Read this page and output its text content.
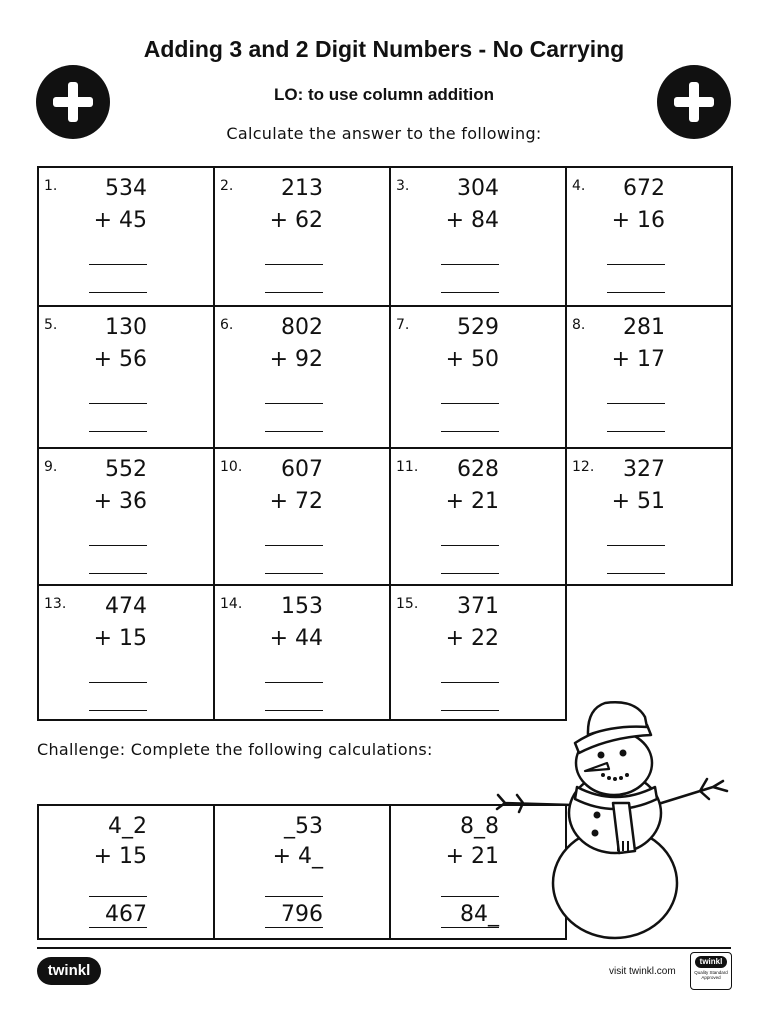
Adding 3 and 2 Digit Numbers - No Carrying
LO: to use column addition
Calculate the answer to the following:
1. 534
+ 45
2. 213
+ 62
3. 304
+ 84
4. 672
+ 16
5. 130
+ 56
6. 802
+ 92
7. 529
+ 50
8. 281
+ 17
9. 552
+ 36
10. 607
+ 72
11. 628
+ 21
12. 327
+ 51
13. 474
+ 15
14. 153
+ 44
15. 371
+ 22
Challenge: Complete the following calculations:
4_2
+ 15
467
_53
+ 4_
796
8_8
+ 21
84_
twinkl	visit twinkl.com
twinkl
Quality Standard Approved
